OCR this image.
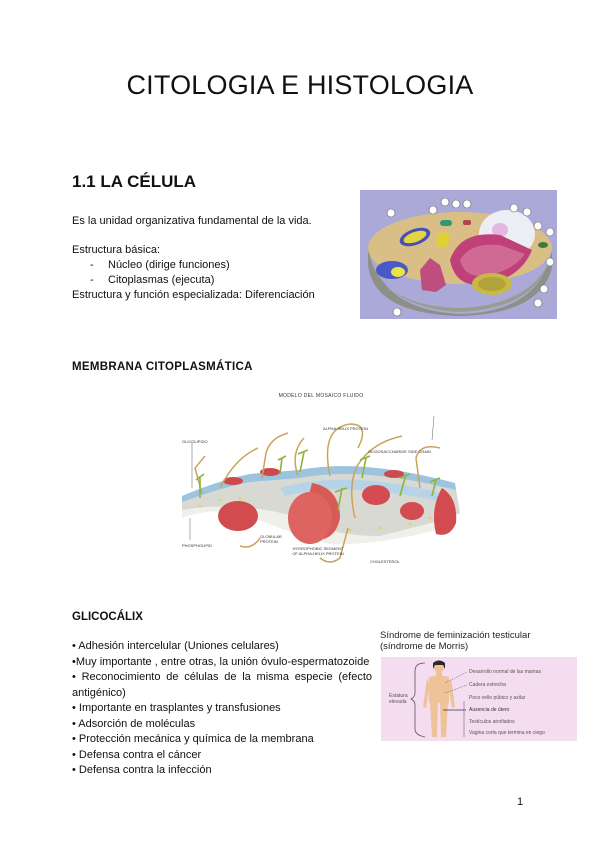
CITOLOGIA E HISTOLOGIA
1.1 LA CÉLULA
Es la unidad organizativa fundamental de la vida.
Estructura básica:
- Núcleo (dirige funciones)
- Citoplasmas (ejecuta)
Estructura y función especializada: Diferenciación
MEMBRANA CITOPLASMÁTICA
MODELO DEL MOSAICO FLUIDO
GLICOLIPIDO
ALPHA-HELIX PROTEIN
OLIGOSACCHARIDE SIDE CHAIN
PHOSPHOLIPID
GLOBULAR PROTEIN
HYDROPHOBIC SEGMENT OF ALPHA-HELIX PROTEIN
CHOLESTEROL
GLICOCÁLIX
• Adhesión intercelular (Uniones celulares)
•Muy importante , entre otras, la unión óvulo-espermatozoide
• Reconocimiento de células de la misma especie (efecto
antigénico)
• Importante en trasplantes y transfusiones
• Adsorción de moléculas
• Protección mecánica y química de la membrana
• Defensa contra el cáncer
• Defensa contra la infección
Síndrome de feminización testicular
(síndrome de Morris)
Estatura elevada
Desarrollo normal de las mamas
Cadera estrecha
Poco vello púbico y axilar
Ausencia de útero
Testículos atrofiados
Vagina corta que termina en ciego
1
